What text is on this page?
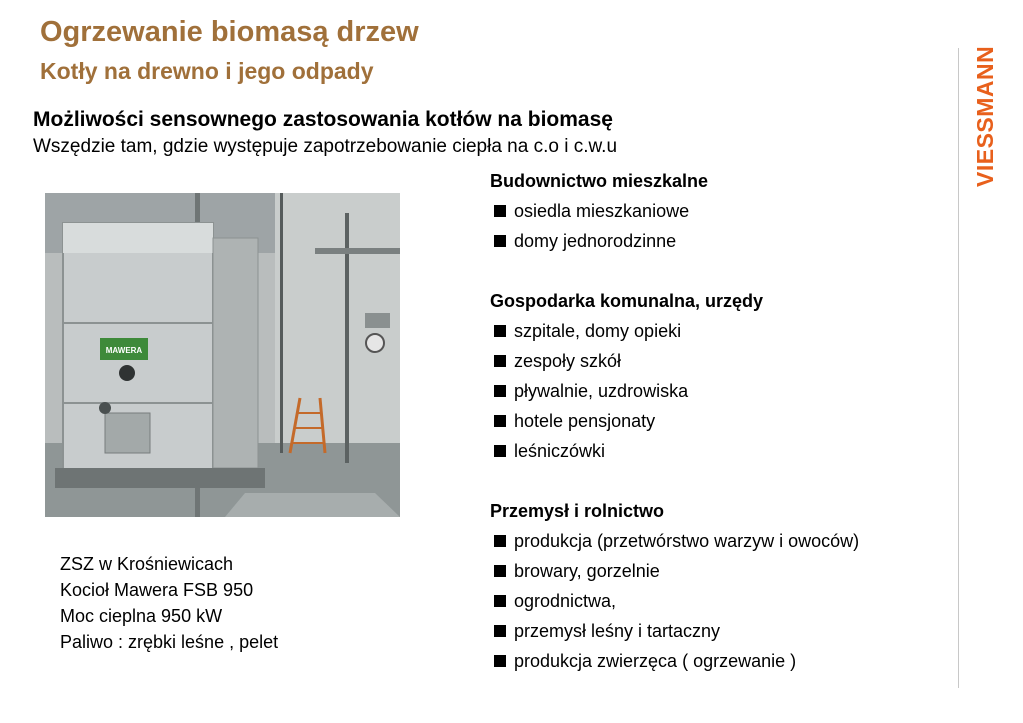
Ogrzewanie biomasą drzew
Kotły na drewno i jego odpady	VIESSMANN
Możliwości sensownego zastosowania kotłów na biomasę
Wszędzie tam, gdzie występuje zapotrzebowanie ciepła na c.o i c.w.u
MAWERA
ZSZ w Krośniewicach
Kocioł Mawera FSB 950
Moc cieplna 950 kW
Paliwo : zrębki leśne , pelet
Budownictwo mieszkalne
osiedla mieszkaniowe
domy jednorodzinne
Gospodarka komunalna, urzędy
szpitale, domy opieki
zespoły szkół
pływalnie, uzdrowiska
hotele pensjonaty
leśniczówki
Przemysł i rolnictwo
produkcja (przetwórstwo warzyw i owoców)
browary, gorzelnie
ogrodnictwa,
przemysł leśny i tartaczny
produkcja zwierzęca ( ogrzewanie )
